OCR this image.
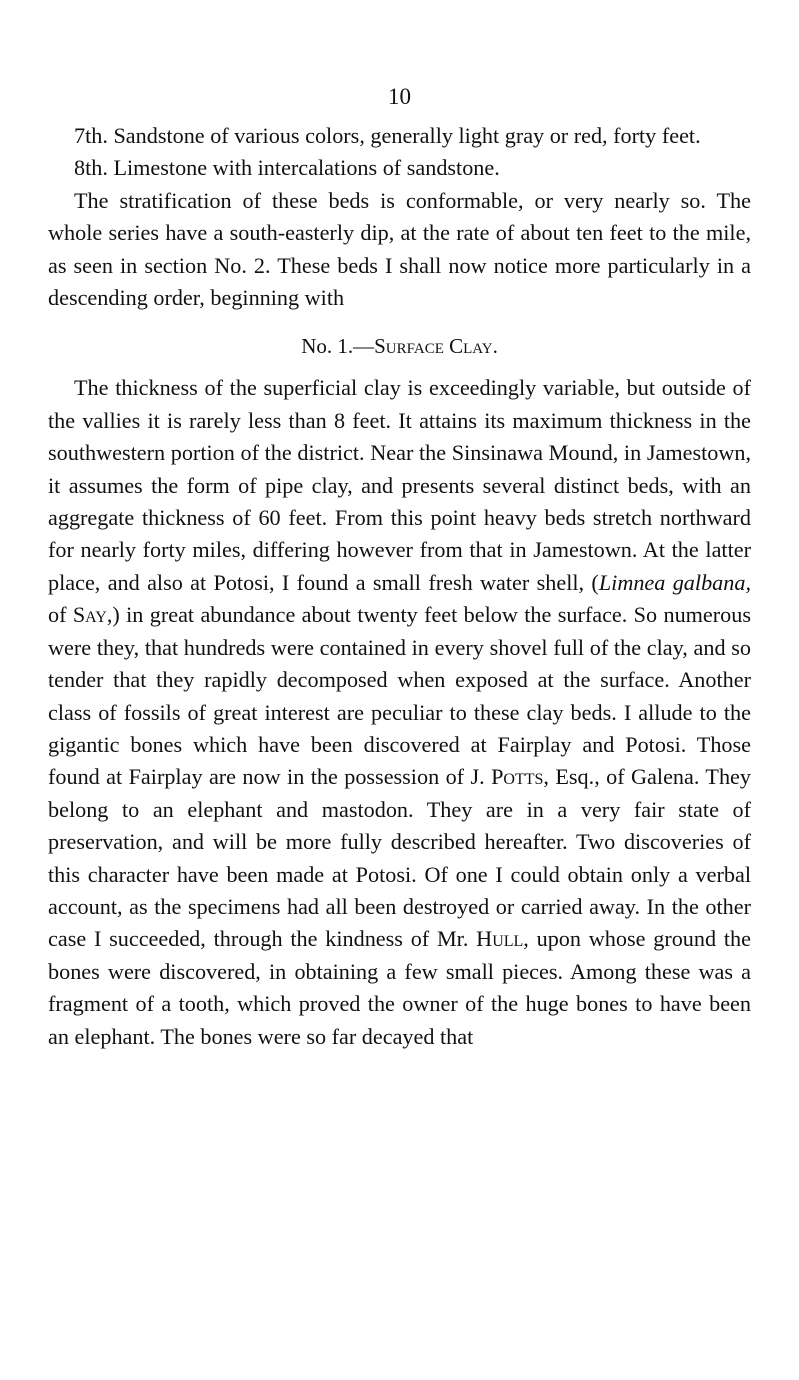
10

7th. Sandstone of various colors, generally light gray or red, forty feet.

8th. Limestone with intercalations of sandstone.

The stratification of these beds is conformable, or very nearly so. The whole series have a south-easterly dip, at the rate of about ten feet to the mile, as seen in section No. 2. These beds I shall now notice more particularly in a descending order, beginning with

No. 1.—Surface Clay.

The thickness of the superficial clay is exceedingly variable, but outside of the vallies it is rarely less than 8 feet. It attains its maximum thickness in the southwestern portion of the district. Near the Sinsinawa Mound, in Jamestown, it assumes the form of pipe clay, and presents several distinct beds, with an aggregate thickness of 60 feet. From this point heavy beds stretch northward for nearly forty miles, differing however from that in Jamestown. At the latter place, and also at Potosi, I found a small fresh water shell, (Limnea galbana, of Say,) in great abundance about twenty feet below the surface. So numerous were they, that hundreds were contained in every shovel full of the clay, and so tender that they rapidly decomposed when exposed at the surface. Another class of fossils of great interest are peculiar to these clay beds. I allude to the gigantic bones which have been discovered at Fairplay and Potosi. Those found at Fairplay are now in the possession of J. Potts, Esq., of Galena. They belong to an elephant and mastodon. They are in a very fair state of preservation, and will be more fully described hereafter. Two discoveries of this character have been made at Potosi. Of one I could obtain only a verbal account, as the specimens had all been destroyed or carried away. In the other case I succeeded, through the kindness of Mr. Hull, upon whose ground the bones were discovered, in obtaining a few small pieces. Among these was a fragment of a tooth, which proved the owner of the huge bones to have been an elephant. The bones were so far decayed that
